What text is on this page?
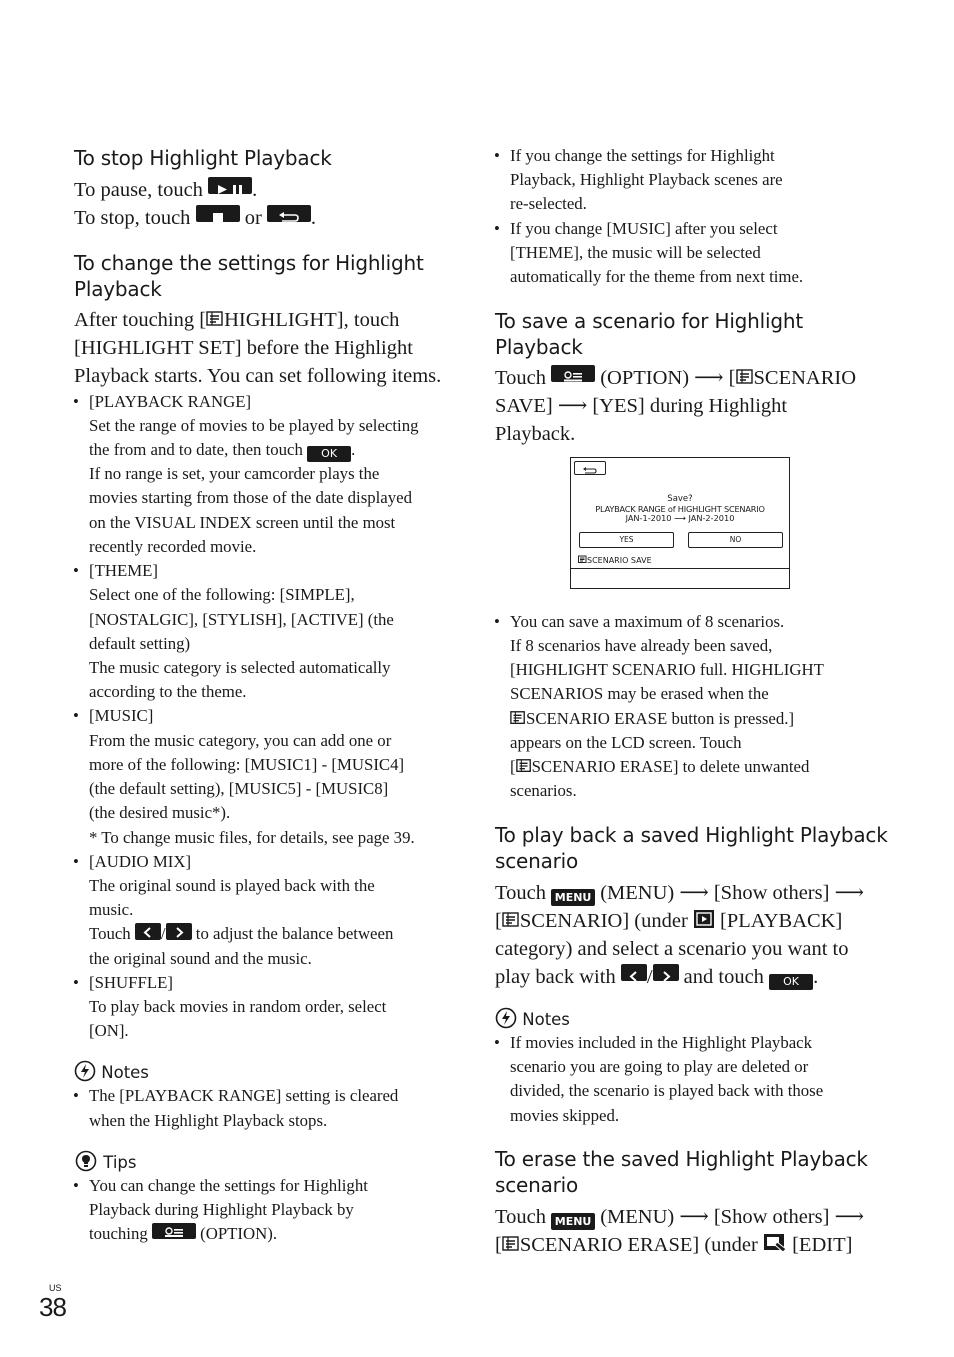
To stop Highlight Playback
To pause, touch .
To stop, touch	or .
To change the settings for Highlight
Playback
After touching [ HIGHLIGHT], touch
[HIGHLIGHT SET] before the Highlight
Playback starts. You can set following items.
• [PLAYBACK RANGE]
Set the range of movies to be played by selecting
the from and to date, then touch OK .
If no range is set, your camcorder plays the
movies starting from those of the date displayed
on the VISUAL INDEX screen until the most
recently recorded movie.
• [THEME]
Select one of the following: [SIMPLE],
[NOSTALGIC], [STYLISH], [ACTIVE] (the
default setting)
The music category is selected automatically
according to the theme.
• [MUSIC]
From the music category, you can add one or
more of the following: [MUSIC1] - [MUSIC4]
(the default setting), [MUSIC5] - [MUSIC8]
(the desired music*).
* To change music files, for details, see page 39.
• [AUDIO MIX]
The original sound is played back with the
music.
Touch / to adjust the balance between
the original sound and the music.
• [SHUFFLE]
To play back movies in random order, select
[ON].
Notes
• The [PLAYBACK RANGE] setting is cleared
when the Highlight Playback stops.
Tips
• You can change the settings for Highlight
Playback during Highlight Playback by
touching	(OPTION).
• If you change the settings for Highlight
Playback, Highlight Playback scenes are
re-selected.
• If you change [MUSIC] after you select
[THEME], the music will be selected
automatically for the theme from next time.
To save a scenario for Highlight
Playback
Touch	(OPTION) ⟶ [ SCENARIO
SAVE] ⟶ [YES] during Highlight
Playback.
Save?
PLAYBACK RANGE of HIGHLIGHT SCENARIO
JAN-1-2010 ⟶ JAN-2-2010
YES	NO
SCENARIO SAVE
• You can save a maximum of 8 scenarios.
If 8 scenarios have already been saved,
[HIGHLIGHT SCENARIO full. HIGHLIGHT
SCENARIOS may be erased when the
SCENARIO ERASE button is pressed.]
appears on the LCD screen. Touch
[ SCENARIO ERASE] to delete unwanted
scenarios.
To play back a saved Highlight Playback
scenario
Touch MENU (MENU) ⟶ [Show others] ⟶
[ SCENARIO] (under [PLAYBACK]
category) and select a scenario you want to
play back with / and touch OK .
Notes
• If movies included in the Highlight Playback
scenario you are going to play are deleted or
divided, the scenario is played back with those
movies skipped.
To erase the saved Highlight Playback
scenario
Touch MENU (MENU) ⟶ [Show others] ⟶
[ SCENARIO ERASE] (under [EDIT]
US
38
